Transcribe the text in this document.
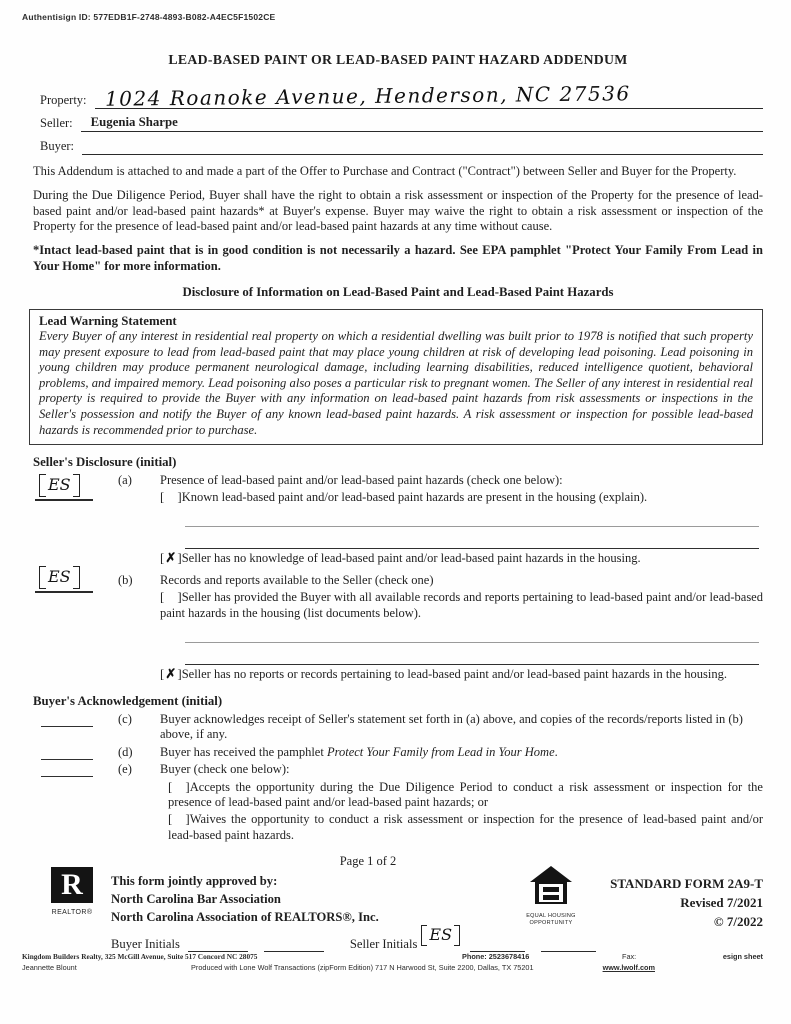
Authentisign ID: 577EDB1F-2748-4893-B082-A4EC5F1502CE
LEAD-BASED PAINT OR LEAD-BASED PAINT HAZARD ADDENDUM
Property: 1024 Roanoke Avenue, Henderson, NC 27536
Seller:	Eugenia Sharpe
Buyer:

This Addendum is attached to and made a part of the Offer to Purchase and Contract ("Contract") between Seller and Buyer for the Property.

During the Due Diligence Period, Buyer shall have the right to obtain a risk assessment or inspection of the Property for the presence of lead-based paint and/or lead-based paint hazards* at Buyer's expense. Buyer may waive the right to obtain a risk assessment or inspection of the Property for the presence of lead-based paint and/or lead-based paint hazards at any time without cause.

*Intact lead-based paint that is in good condition is not necessarily a hazard. See EPA pamphlet "Protect Your Family From Lead in Your Home" for more information.

Disclosure of Information on Lead-Based Paint and Lead-Based Paint Hazards
Lead Warning Statement
Every Buyer of any interest in residential real property on which a residential dwelling was built prior to 1978 is notified that such property may present exposure to lead from lead-based paint that may place young children at risk of developing lead poisoning. Lead poisoning in young children may produce permanent neurological damage, including learning disabilities, reduced intelligence quotient, behavioral problems, and impaired memory. Lead poisoning also poses a particular risk to pregnant women. The Seller of any interest in residential real property is required to provide the Buyer with any information on lead-based paint hazards from risk assessments or inspections in the Seller's possession and notify the Buyer of any known lead-based paint hazards. A risk assessment or inspection for possible lead-based hazards is recommended prior to purchase.
Seller's Disclosure (initial)
ES	(a)	Presence of lead-based paint and/or lead-based paint hazards (check one below):
[ ]Known lead-based paint and/or lead-based paint hazards are present in the housing (explain).
[✗]Seller has no knowledge of lead-based paint and/or lead-based paint hazards in the housing.
ES	(b)	Records and reports available to the Seller (check one)
[ ]Seller has provided the Buyer with all available records and reports pertaining to lead-based paint and/or lead-based paint hazards in the housing (list documents below).
[✗]Seller has no reports or records pertaining to lead-based paint and/or lead-based paint hazards in the housing.
Buyer's Acknowledgement (initial)
(c)	Buyer acknowledges receipt of Seller's statement set forth in (a) above, and copies of the records/reports listed in (b) above, if any.
(d)	Buyer has received the pamphlet Protect Your Family from Lead in Your Home.
(e)	Buyer (check one below):
[ ]Accepts the opportunity during the Due Diligence Period to conduct a risk assessment or inspection for the presence of lead-based paint and/or lead-based paint hazards; or
[ ]Waives the opportunity to conduct a risk assessment or inspection for the presence of lead-based paint and/or lead-based paint hazards.
Page 1 of 2
R
REALTOR®
This form jointly approved by:
North Carolina Bar Association
North Carolina Association of REALTORS®, Inc.
Buyer Initials	Seller Initials ES
EQUAL HOUSING
OPPORTUNITY
STANDARD FORM 2A9-T
Revised 7/2021
© 7/2022
Kingdom Builders Realty, 325 McGill Avenue, Suite 517 Concord NC 28075	Phone: 2523678416	Fax:	esign sheet
Jeannette Blount	Produced with Lone Wolf Transactions (zipForm Edition) 717 N Harwood St, Suite 2200, Dallas, TX 75201	www.lwolf.com
